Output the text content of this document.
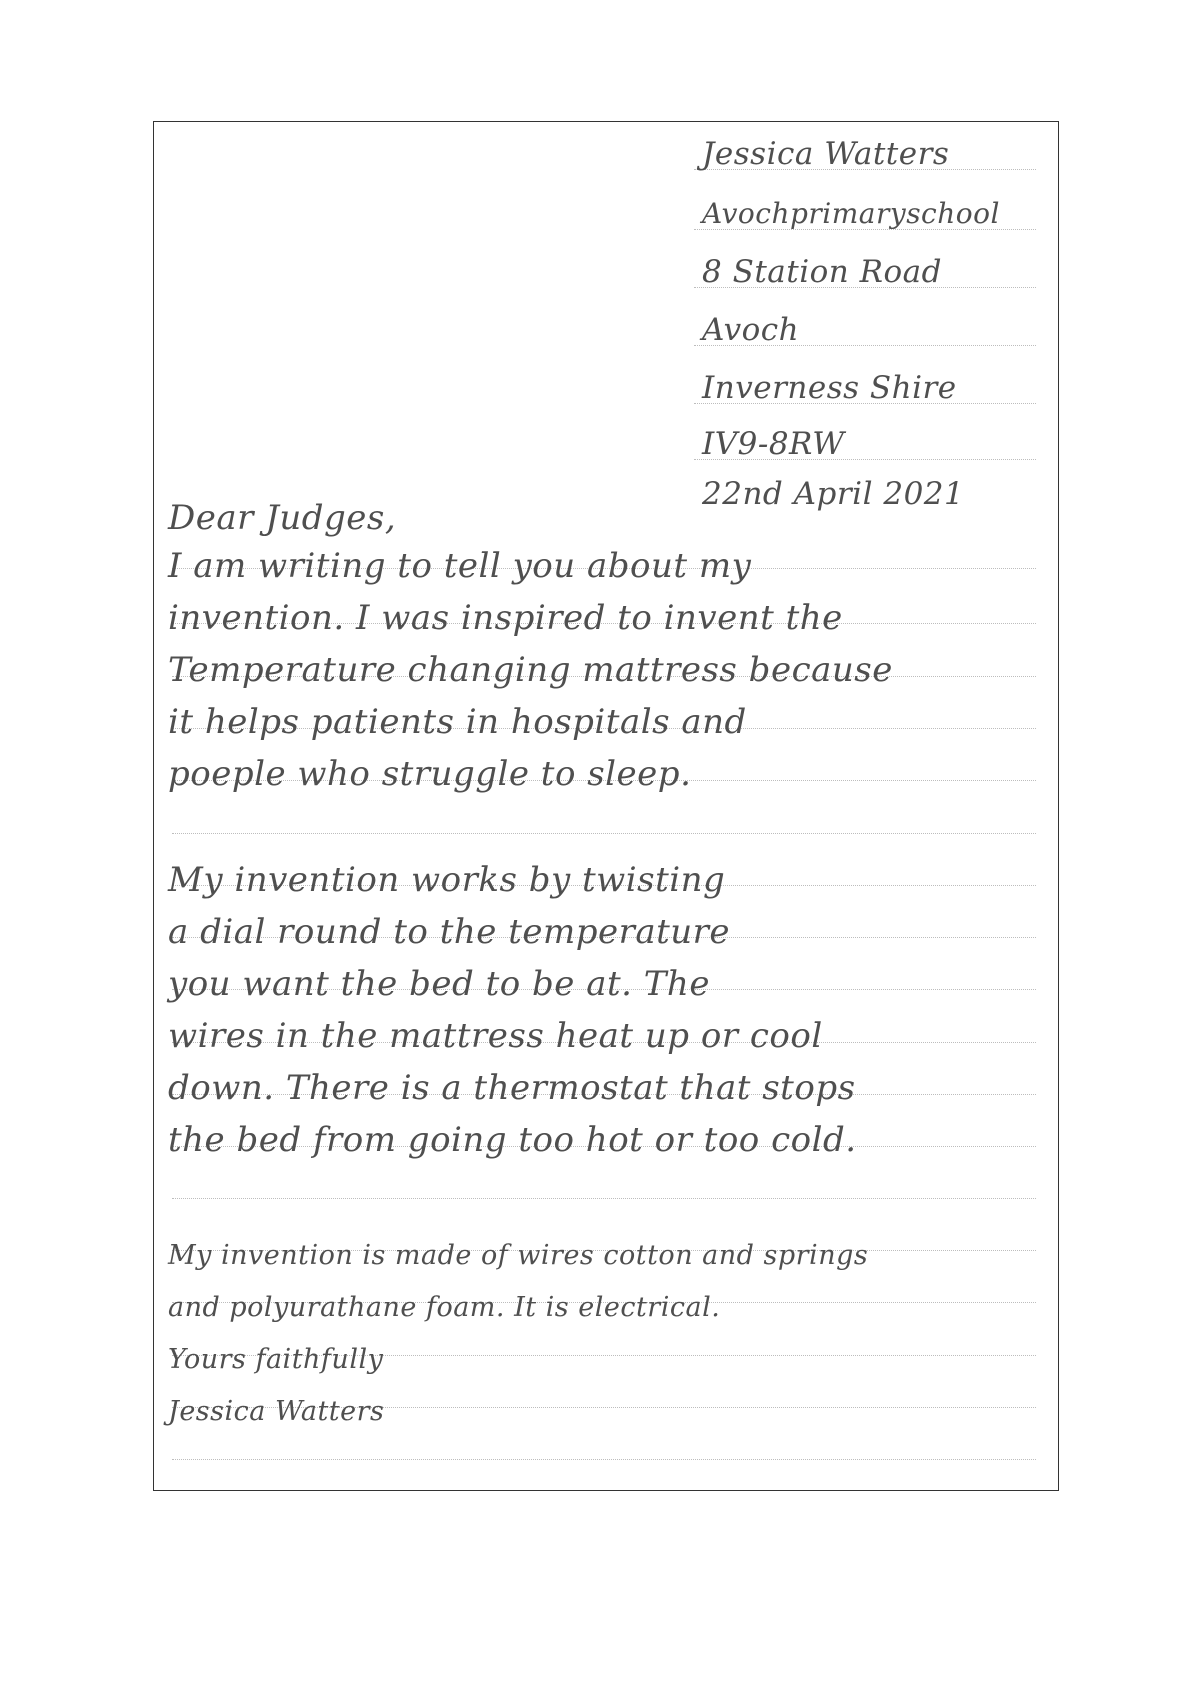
Jessica Watters
Avochprimaryschool
8 Station Road
Avoch
Inverness Shire
IV9-8RW
22nd April 2021
Dear Judges,
I am writing to tell you about my
invention. I was inspired to invent the
Temperature changing mattress because
it helps patients in hospitals and
poeple who struggle to sleep.
My invention works by twisting
a dial round to the temperature
you want the bed to be at. The
wires in the mattress heat up or cool
down. There is a thermostat that stops
the bed from going too hot or too cold.
My invention is made of wires cotton and springs
and polyurathane foam. It is electrical.
Yours faithfully
Jessica Watters
